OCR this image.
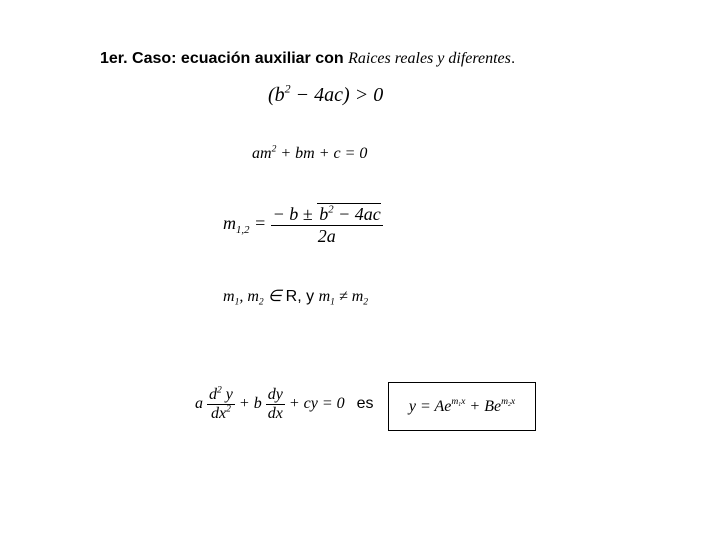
1er. Caso: ecuación auxiliar con Raices reales y diferentes.
$(b^2 - 4ac) > 0$
$am^2$ + bm + c = 0
$m_{1,2} = \frac{- b \pm b^2 - 4ac}{2a}$
$m_1$, $m_2$ ∈ R, y $m_1 \ne m_2$
a $\frac{d^2 y}{dx^2} + b \frac{dy}{dx}$ + cy = 0 es	$y = Ae^{m_1x} + Be^{m_2x}$
